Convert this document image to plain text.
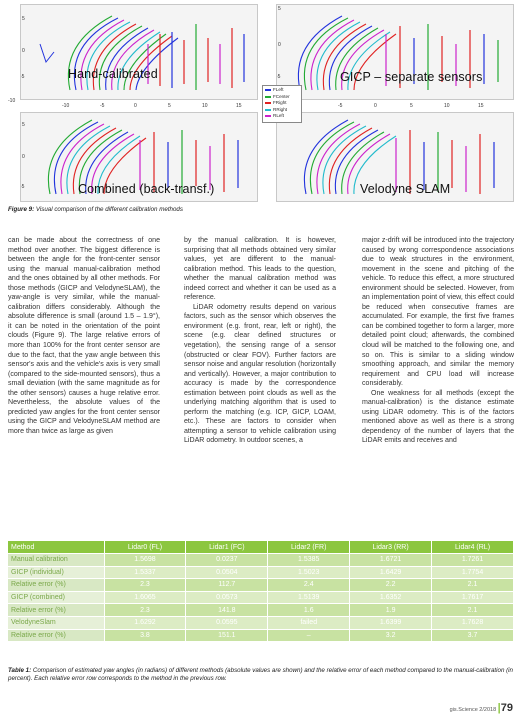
5
0
-5	Hand-calibrated
5
0
-5	GICP – separate sensors
-10
-10	-5	0	5	10	15	-5	0	5	10	15
5
0
-5	Combined (back-transf.)	Velodyne SLAM
FLeft
FCenter
FRight
RRight
RLeft
Figure 9: Visual comparison of the different calibration methods

can be made about the correctness of one method over another. The biggest difference is between the angle for the front-center sensor using the manual manual-calibration method and the ones obtained by all other methods. For those methods (GICP and VelodyneSLAM), the yaw-angle is very similar, while the manual-calibration differs considerably. Although the absolute difference is small (around 1.5 – 1.9°), it can be noted in the orientation of the point clouds (Figure 9). The large relative errors of more than 100% for the front center sensor are due to the fact, that the yaw angle between this sensor's axis and the vehicle's axis is very small (compared to the side-mounted sensors), thus a small deviation (with the same magnitude as for the other sensors) causes a huge relative error. Nevertheless, the absolute values of the predicted yaw angles for the front center sensor using the GICP and VelodyneSLAM method are more than twice as large as given

by the manual calibration. It is however, surprising that all methods obtained very similar values, yet are different to the manual-calibration method. This leads to the question, whether the manual calibration method was indeed correct and whether it can be used as a reference.

LiDAR odometry results depend on various factors, such as the sensor which observes the environment (e.g. front, rear, left or right), the scene (e.g. clear defined structures or vegetation), the sensing range of a sensor (obstructed or clear FOV). Further factors are sensor noise and angular resolution (horizontally and vertically). However, a major contribution to accuracy is made by the correspondence estimation between point clouds as well as the underlying matching algorithm that is used to perform the matching (e.g. ICP, GICP, LOAM, etc.). These are factors to consider when attempting a sensor to vehicle calibration using LiDAR odometry. In outdoor scenes, a

major z-drift will be introduced into the trajectory caused by wrong correspondence associations due to weak structures in the environment, movement in the scene and pitching of the vehicle. To reduce this effect, a more structured environment should be selected. However, from an implementation point of view, this effect could be reduced when consecutive frames are accumulated. For example, the first five frames can be combined together to form a larger, more detailed point cloud; afterwards, the combined cloud will be matched to the following one, and so on. This is similar to a sliding window smoothing approach, and similar the memory requirement and CPU load will increase considerably.

One weakness for all methods (except the manual-calibration) is the distance estimate using LiDAR odometry. This is of the factors mentioned above as well as there is a strong dependency of the number of layers that the LiDAR emits and receives and

Method	Lidar0 (FL)	Lidar1 (FC)	Lidar2 (FR)	Lidar3 (RR)	Lidar4 (RL)
Manual calibration	1.5698	0.0237	1.5385	1.6721	1.7261
GICP (individual)	1.5337	0.0504	1.5023	1.6429	1.7754
Relative error (%)	2.3	112.7	2.4	2.2	2.1
GICP (combined)	1.6065	0.0573	1.5139	1.6352	1.7617
Relative error (%)	2.3	141.8	1.6	1.9	2.1
VelodyneSlam	1.6292	0.0595	failed	1.6399	1.7628
Relative error (%)	3.8	151.1	–	3.2	3.7
Table 1: Comparison of estimated yaw angles (in radians) of different methods (absolute values are shown) and the relative error of each method compared to the manual-calibration (in percent). Each relative error row corresponds to the method in the previous row.
gis.Science 2/2018 |79
